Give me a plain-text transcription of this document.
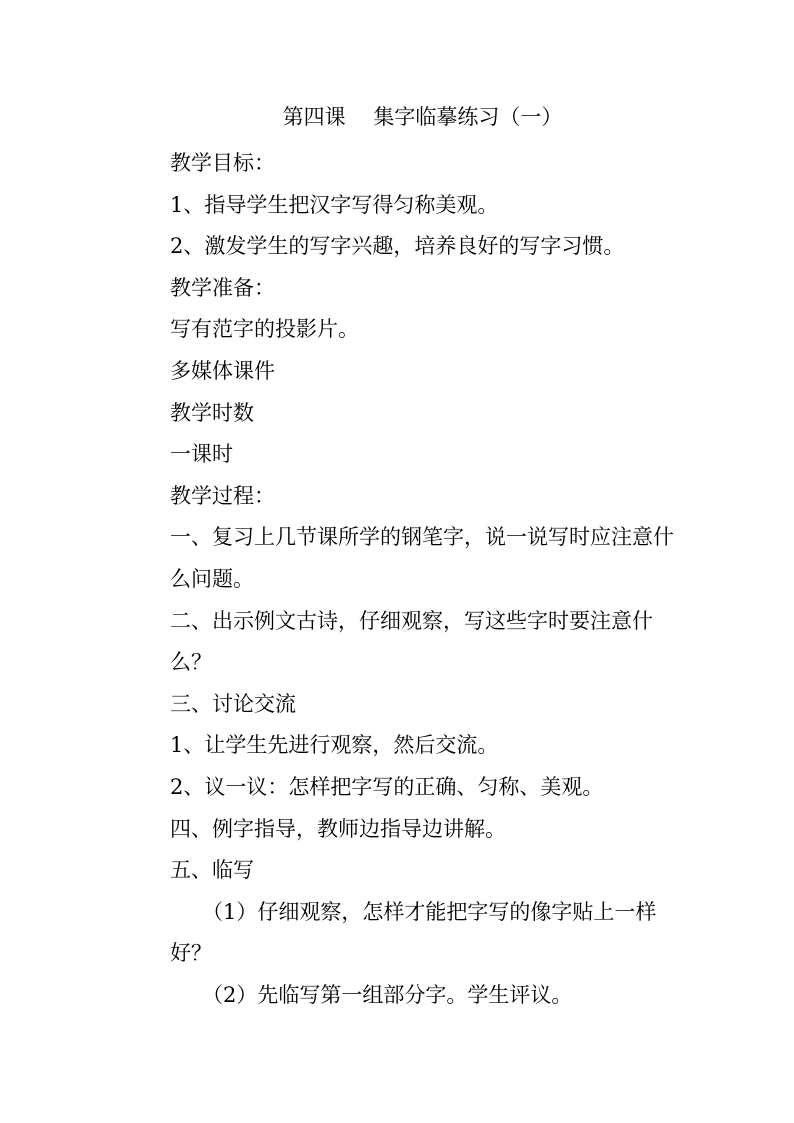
第四课　 集字临摹练习（一）

教学目标：

1、指导学生把汉字写得匀称美观。

2、激发学生的写字兴趣，培养良好的写字习惯。

教学准备：

写有范字的投影片。

多媒体课件

教学时数

一课时

教学过程：

一、复习上几节课所学的钢笔字，说一说写时应注意什么问题。

二、出示例文古诗，仔细观察，写这些字时要注意什么？

三、讨论交流

1、让学生先进行观察，然后交流。

2、议一议：怎样把字写的正确、匀称、美观。

四、例字指导，教师边指导边讲解。

五、临写

（1）仔细观察，怎样才能把字写的像字贴上一样好？

（2）先临写第一组部分字。学生评议。
